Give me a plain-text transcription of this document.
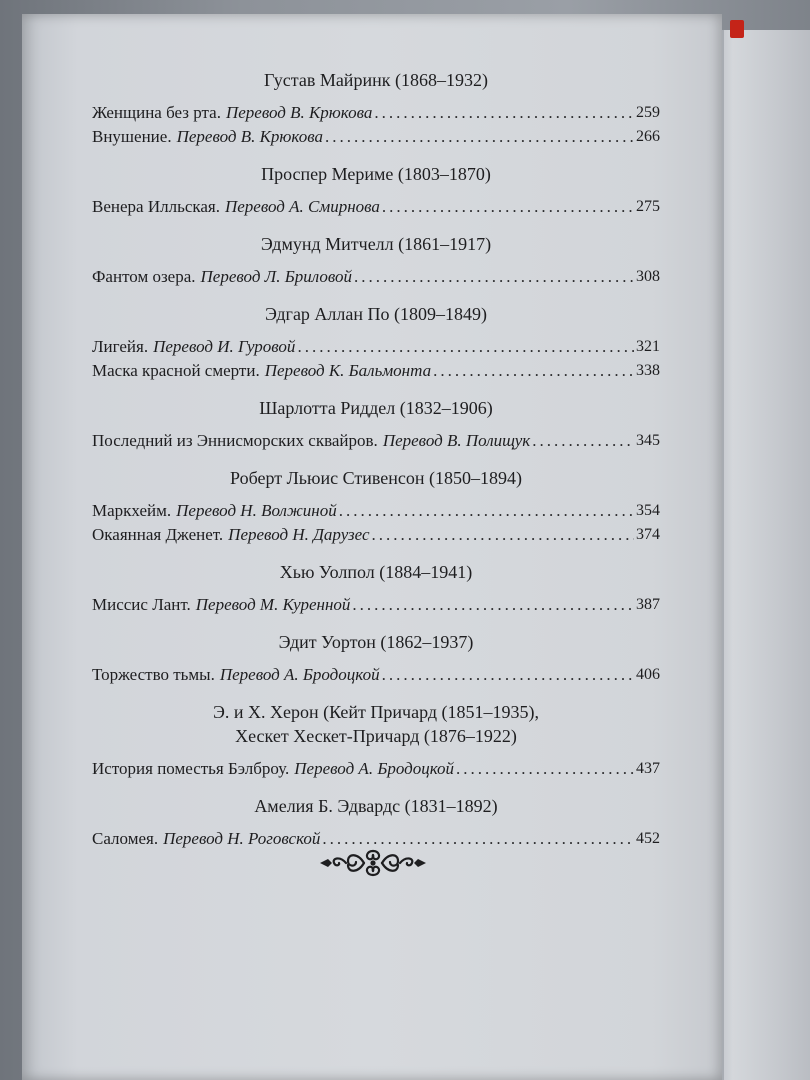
Густав Майринк (1868–1932)

Женщина без рта. Перевод В. Крюкова .....	259
Внушение. Перевод В. Крюкова .....	266

Проспер Мериме (1803–1870)

Венера Илльская. Перевод А. Смирнова .....	275

Эдмунд Митчелл (1861–1917)

Фантом озера. Перевод Л. Бриловой .....	308

Эдгар Аллан По (1809–1849)

Лигейя. Перевод И. Гуровой .....	321
Маска красной смерти. Перевод К. Бальмонта .....	338

Шарлотта Риддел (1832–1906)

Последний из Эннисморских сквайров. Перевод В. Полищук .....	345

Роберт Льюис Стивенсон (1850–1894)

Маркхейм. Перевод Н. Волжиной .....	354
Окаянная Дженет. Перевод Н. Дарузес .....	374

Хью Уолпол (1884–1941)

Миссис Лант. Перевод М. Куренной .....	387

Эдит Уортон (1862–1937)

Торжество тьмы. Перевод А. Бродоцкой .....	406

Э. и Х. Херон (Кейт Причард (1851–1935),

Хескет Хескет-Причард (1876–1922)

История поместья Бэлброу. Перевод А. Бродоцкой .....	437

Амелия Б. Эдвардс (1831–1892)

Саломея. Перевод Н. Роговской .....	452
